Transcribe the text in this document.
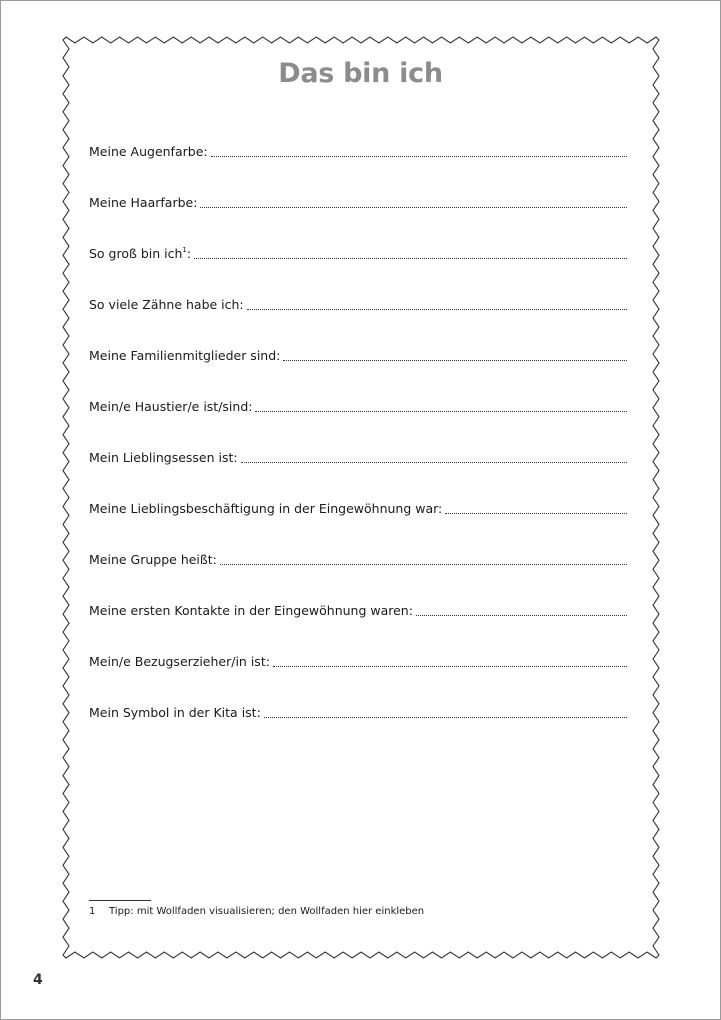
Das bin ich
Meine Augenfarbe:
Meine Haarfarbe:
So groß bin ich$^1$:
So viele Zähne habe ich:
Meine Familienmitglieder sind:
Mein/e Haustier/e ist/sind:
Mein Lieblingsessen ist:
Meine Lieblingsbeschäftigung in der Eingewöhnung war:
Meine Gruppe heißt:
Meine ersten Kontakte in der Eingewöhnung waren:
Mein/e Bezugserzieher/in ist:
Mein Symbol in der Kita ist:
1 Tipp: mit Wollfaden visualisieren; den Wollfaden hier einkleben
4
